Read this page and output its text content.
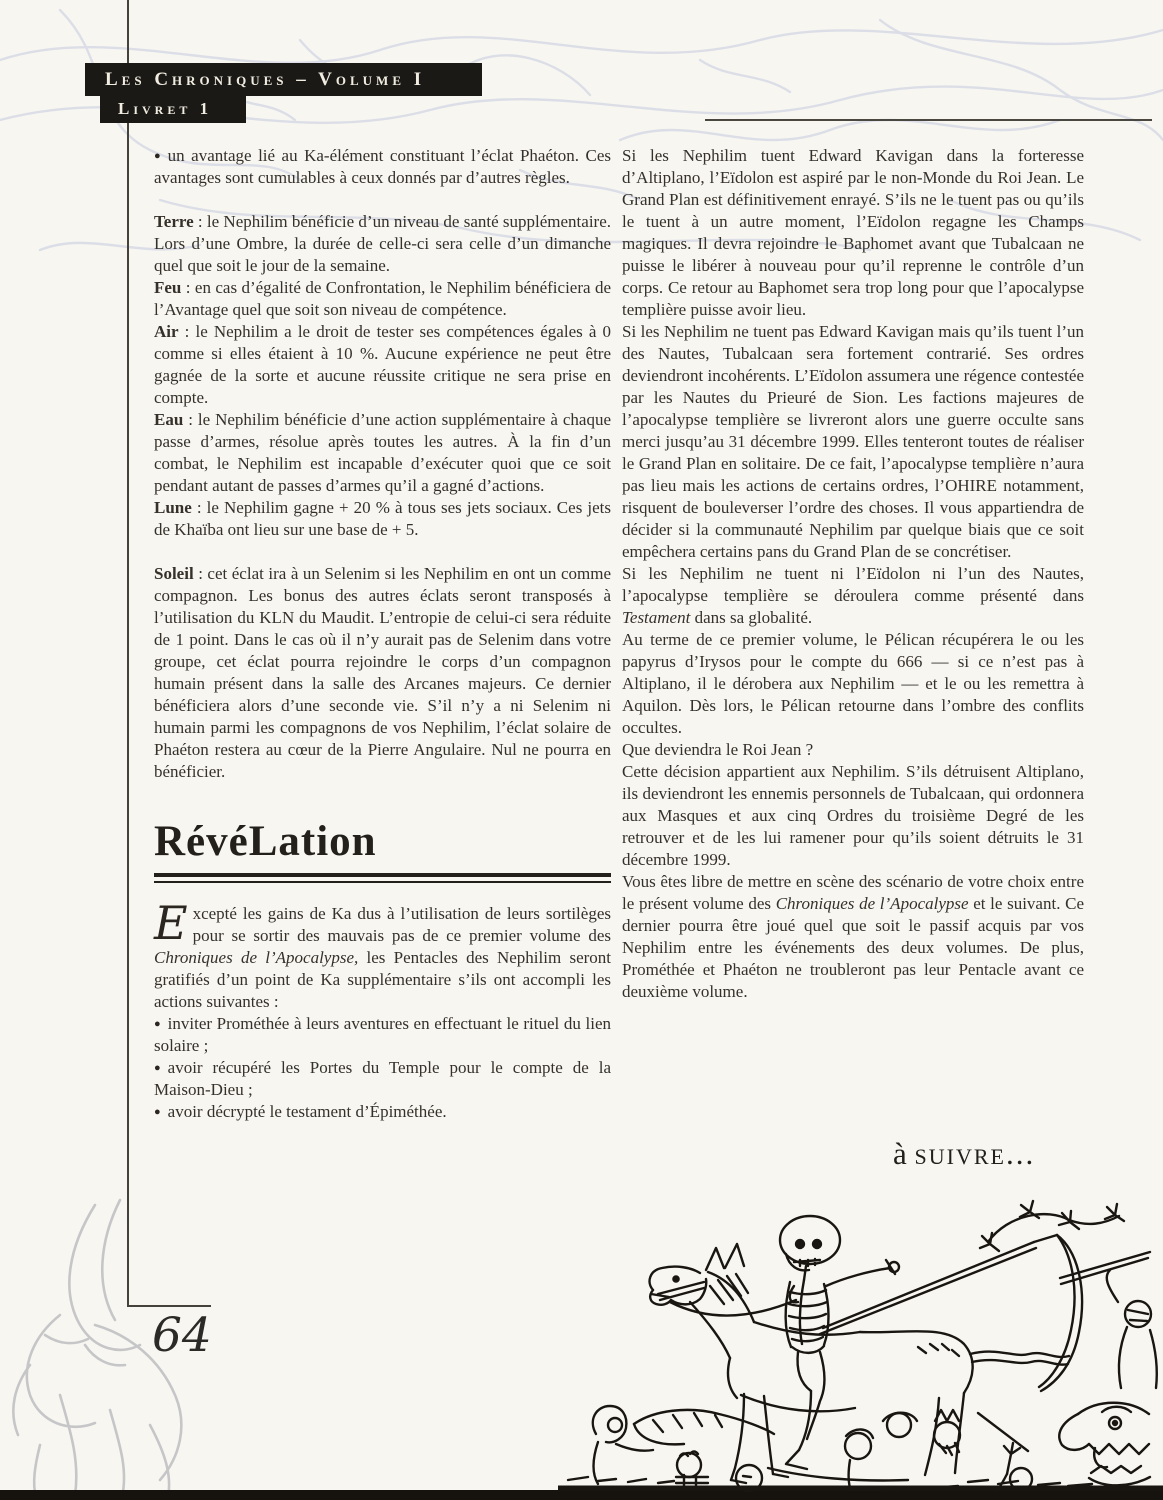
Les Chroniques – Volume I
Livret 1

● un avantage lié au Ka-élément constituant l’éclat Phaéton. Ces avantages sont cumulables à ceux donnés par d’autres règles.

Terre : le Nephilim bénéficie d’un niveau de santé supplémentaire. Lors d’une Ombre, la durée de celle-ci sera celle d’un dimanche quel que soit le jour de la semaine.

Feu : en cas d’égalité de Confrontation, le Nephilim bénéficiera de l’Avantage quel que soit son niveau de compétence.

Air : le Nephilim a le droit de tester ses compétences égales à 0 comme si elles étaient à 10 %. Aucune expérience ne peut être gagnée de la sorte et aucune réussite critique ne sera prise en compte.

Eau : le Nephilim bénéficie d’une action supplémentaire à chaque passe d’armes, résolue après toutes les autres. À la fin d’un combat, le Nephilim est incapable d’exécuter quoi que ce soit pendant autant de passes d’armes qu’il a gagné d’actions.

Lune : le Nephilim gagne + 20 % à tous ses jets sociaux. Ces jets de Khaïba ont lieu sur une base de + 5.

Soleil : cet éclat ira à un Selenim si les Nephilim en ont un comme compagnon. Les bonus des autres éclats seront transposés à l’utilisation du KLN du Maudit. L’entropie de celui-ci sera réduite de 1 point. Dans le cas où il n’y aurait pas de Selenim dans votre groupe, cet éclat pourra rejoindre le corps d’un compagnon humain présent dans la salle des Arcanes majeurs. Ce dernier bénéficiera alors d’une seconde vie. S’il n’y a ni Selenim ni humain parmi les compagnons de vos Nephilim, l’éclat solaire de Phaéton restera au cœur de la Pierre Angulaire. Nul ne pourra en bénéficier.

RévéLation

Excepté les gains de Ka dus à l’utilisation de leurs sortilèges pour se sortir des mauvais pas de ce premier volume des Chroniques de l’Apocalypse, les Pentacles des Nephilim seront gratifiés d’un point de Ka supplémentaire s’ils ont accompli les actions suivantes :

● inviter Prométhée à leurs aventures en effectuant le rituel du lien solaire ;

● avoir récupéré les Portes du Temple pour le compte de la Maison-Dieu ;

● avoir décrypté le testament d’Épiméthée.

Si les Nephilim tuent Edward Kavigan dans la forteresse d’Altiplano, l’Eïdolon est aspiré par le non-Monde du Roi Jean. Le Grand Plan est définitivement enrayé. S’ils ne le tuent pas ou qu’ils le tuent à un autre moment, l’Eïdolon regagne les Champs magiques. Il devra rejoindre le Baphomet avant que Tubalcaan ne puisse le libérer à nouveau pour qu’il reprenne le contrôle d’un corps. Ce retour au Baphomet sera trop long pour que l’apocalypse templière puisse avoir lieu.

Si les Nephilim ne tuent pas Edward Kavigan mais qu’ils tuent l’un des Nautes, Tubalcaan sera fortement contrarié. Ses ordres deviendront incohérents. L’Eïdolon assumera une régence contestée par les Nautes du Prieuré de Sion. Les factions majeures de l’apocalypse templière se livreront alors une guerre occulte sans merci jusqu’au 31 décembre 1999. Elles tenteront toutes de réaliser le Grand Plan en solitaire. De ce fait, l’apocalypse templière n’aura pas lieu mais les actions de certains ordres, l’OHIRE notamment, risquent de bouleverser l’ordre des choses. Il vous appartiendra de décider si la communauté Nephilim par quelque biais que ce soit empêchera certains pans du Grand Plan de se concrétiser.

Si les Nephilim ne tuent ni l’Eïdolon ni l’un des Nautes, l’apocalypse templière se déroulera comme présenté dans Testament dans sa globalité.

Au terme de ce premier volume, le Pélican récupérera le ou les papyrus d’Irysos pour le compte du 666 — si ce n’est pas à Altiplano, il le dérobera aux Nephilim — et le ou les remettra à Aquilon. Dès lors, le Pélican retourne dans l’ombre des conflits occultes.

Que deviendra le Roi Jean ?

Cette décision appartient aux Nephilim. S’ils détruisent Altiplano, ils deviendront les ennemis personnels de Tubalcaan, qui ordonnera aux Masques et aux cinq Ordres du troisième Degré de les retrouver et de les lui ramener pour qu’ils soient détruits le 31 décembre 1999.

Vous êtes libre de mettre en scène des scénario de votre choix entre le présent volume des Chroniques de l’Apocalypse et le suivant. Ce dernier pourra être joué quel que soit le passif acquis par vos Nephilim entre les événements des deux volumes. De plus, Prométhée et Phaéton ne troubleront pas leur Pentacle avant ce deuxième volume.

à suivre...
64
